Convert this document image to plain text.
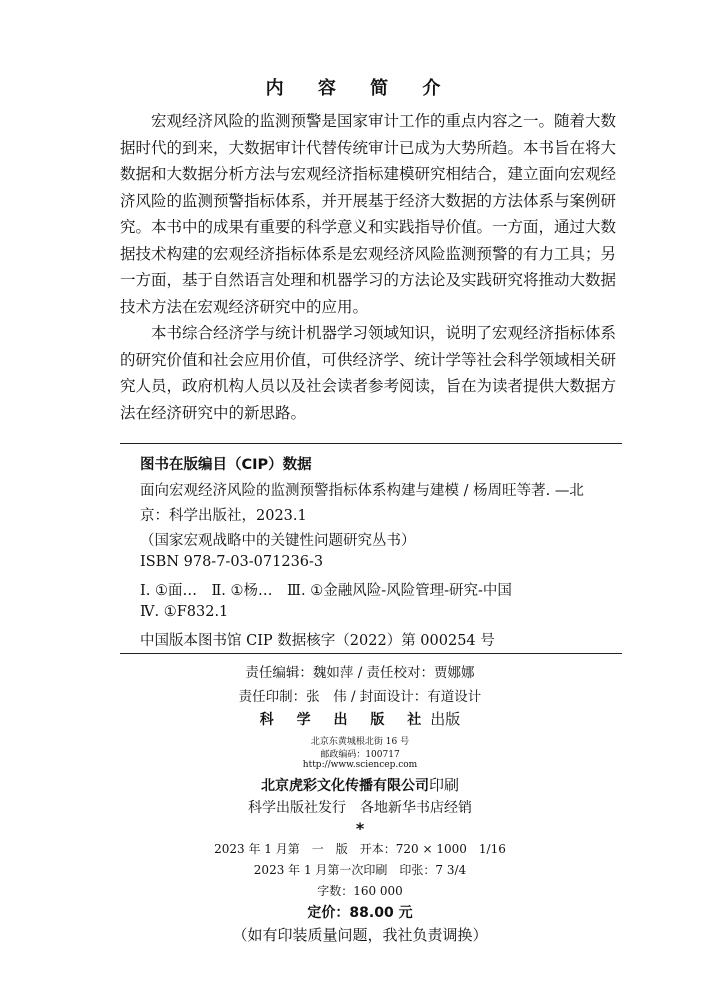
内 容 简 介

宏观经济风险的监测预警是国家审计工作的重点内容之一。随着大数据时代的到来，大数据审计代替传统审计已成为大势所趋。本书旨在将大数据和大数据分析方法与宏观经济指标建模研究相结合，建立面向宏观经济风险的监测预警指标体系，并开展基于经济大数据的方法体系与案例研究。本书中的成果有重要的科学意义和实践指导价值。一方面，通过大数据技术构建的宏观经济指标体系是宏观经济风险监测预警的有力工具；另一方面，基于自然语言处理和机器学习的方法论及实践研究将推动大数据技术方法在宏观经济研究中的应用。

本书综合经济学与统计机器学习领域知识，说明了宏观经济指标体系的研究价值和社会应用价值，可供经济学、统计学等社会科学领域相关研究人员，政府机构人员以及社会读者参考阅读，旨在为读者提供大数据方法在经济研究中的新思路。

图书在版编目（CIP）数据
面向宏观经济风险的监测预警指标体系构建与建模 / 杨周旺等著. —北
京：科学出版社，2023.1
（国家宏观战略中的关键性问题研究丛书）
ISBN 978-7-03-071236-3
Ⅰ. ①面…　Ⅱ. ①杨…　Ⅲ. ①金融风险-风险管理-研究-中国
Ⅳ. ①F832.1
中国版本图书馆 CIP 数据核字（2022）第 000254 号
责任编辑：魏如萍 / 责任校对：贾娜娜
责任印制：张　伟 / 封面设计：有道设计
科 学 出 版 社出版
北京东黄城根北街 16 号
邮政编码：100717
http://www.sciencep.com
北京虎彩文化传播有限公司印刷
科学出版社发行　各地新华书店经销
*
2023 年 1 月第　一　版　开本：720 × 1000　1/16
2023 年 1 月第一次印刷　印张：7 3/4
字数：160 000
定价：88.00 元
（如有印装质量问题，我社负责调换）
